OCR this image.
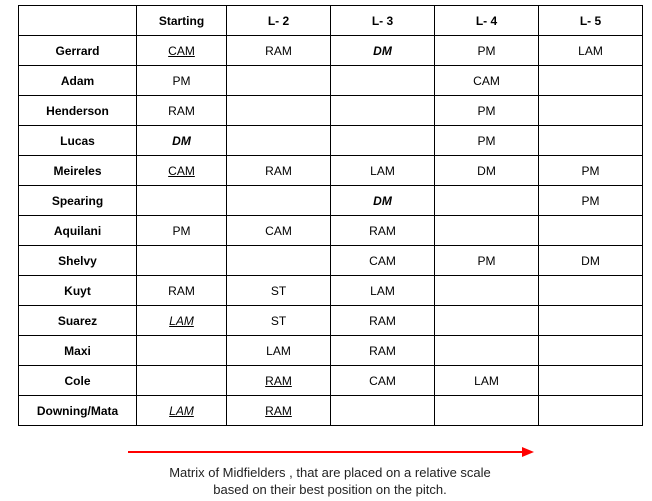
	Starting	L- 2	L- 3	L- 4	L- 5
Gerrard	CAM	RAM	DM	PM	LAM
Adam	PM			CAM	
Henderson	RAM			PM	
Lucas	DM			PM	
Meireles	CAM	RAM	LAM	DM	PM
Spearing			DM		PM
Aquilani	PM	CAM	RAM		
Shelvy			CAM	PM	DM
Kuyt	RAM	ST	LAM		
Suarez	LAM	ST	RAM		
Maxi		LAM	RAM		
Cole		RAM	CAM	LAM	
Downing/Mata	LAM	RAM			
Matrix of Midfielders , that are placed on a relative scale
based on their best position on the pitch.
